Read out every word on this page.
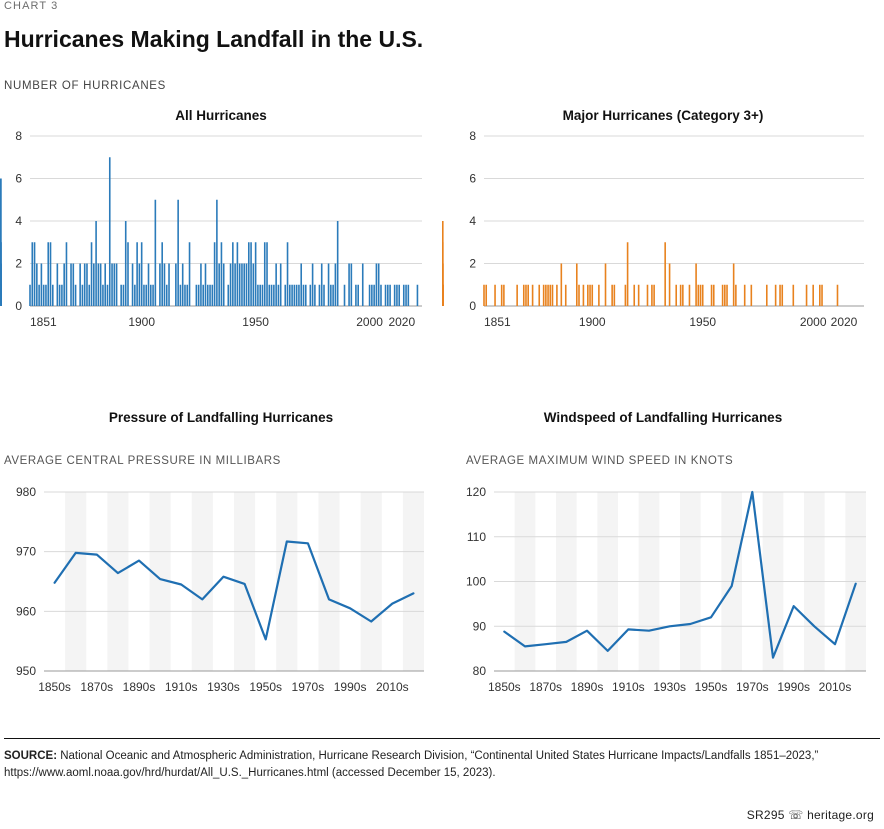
CHART 3
Hurricanes Making Landfall in the U.S.
NUMBER OF HURRICANES
All Hurricanes
0
2
4
6
8
1851	1900	1950	2000 2020
Major Hurricanes (Category 3+)
0
2
4
6
8
1851	1900	1950	2000 2020
Pressure of Landfalling Hurricanes
AVERAGE CENTRAL PRESSURE IN MILLIBARS
950
960
970
980
1850s 1870s 1890s 1910s 1930s 1950s 1970s 1990s 2010s
Windspeed of Landfalling Hurricanes
AVERAGE MAXIMUM WIND SPEED IN KNOTS
80
90
100
110
120
1850s 1870s 1890s 1910s 1930s 1950s 1970s 1990s 2010s
SOURCE: National Oceanic and Atmospheric Administration, Hurricane Research Division, “Continental United States Hurricane Impacts/Landfalls 1851–2023,” https://www.aoml.noaa.gov/hrd/hurdat/All_U.S._Hurricanes.html (accessed December 15, 2023).
SR295 ☏ heritage.org
